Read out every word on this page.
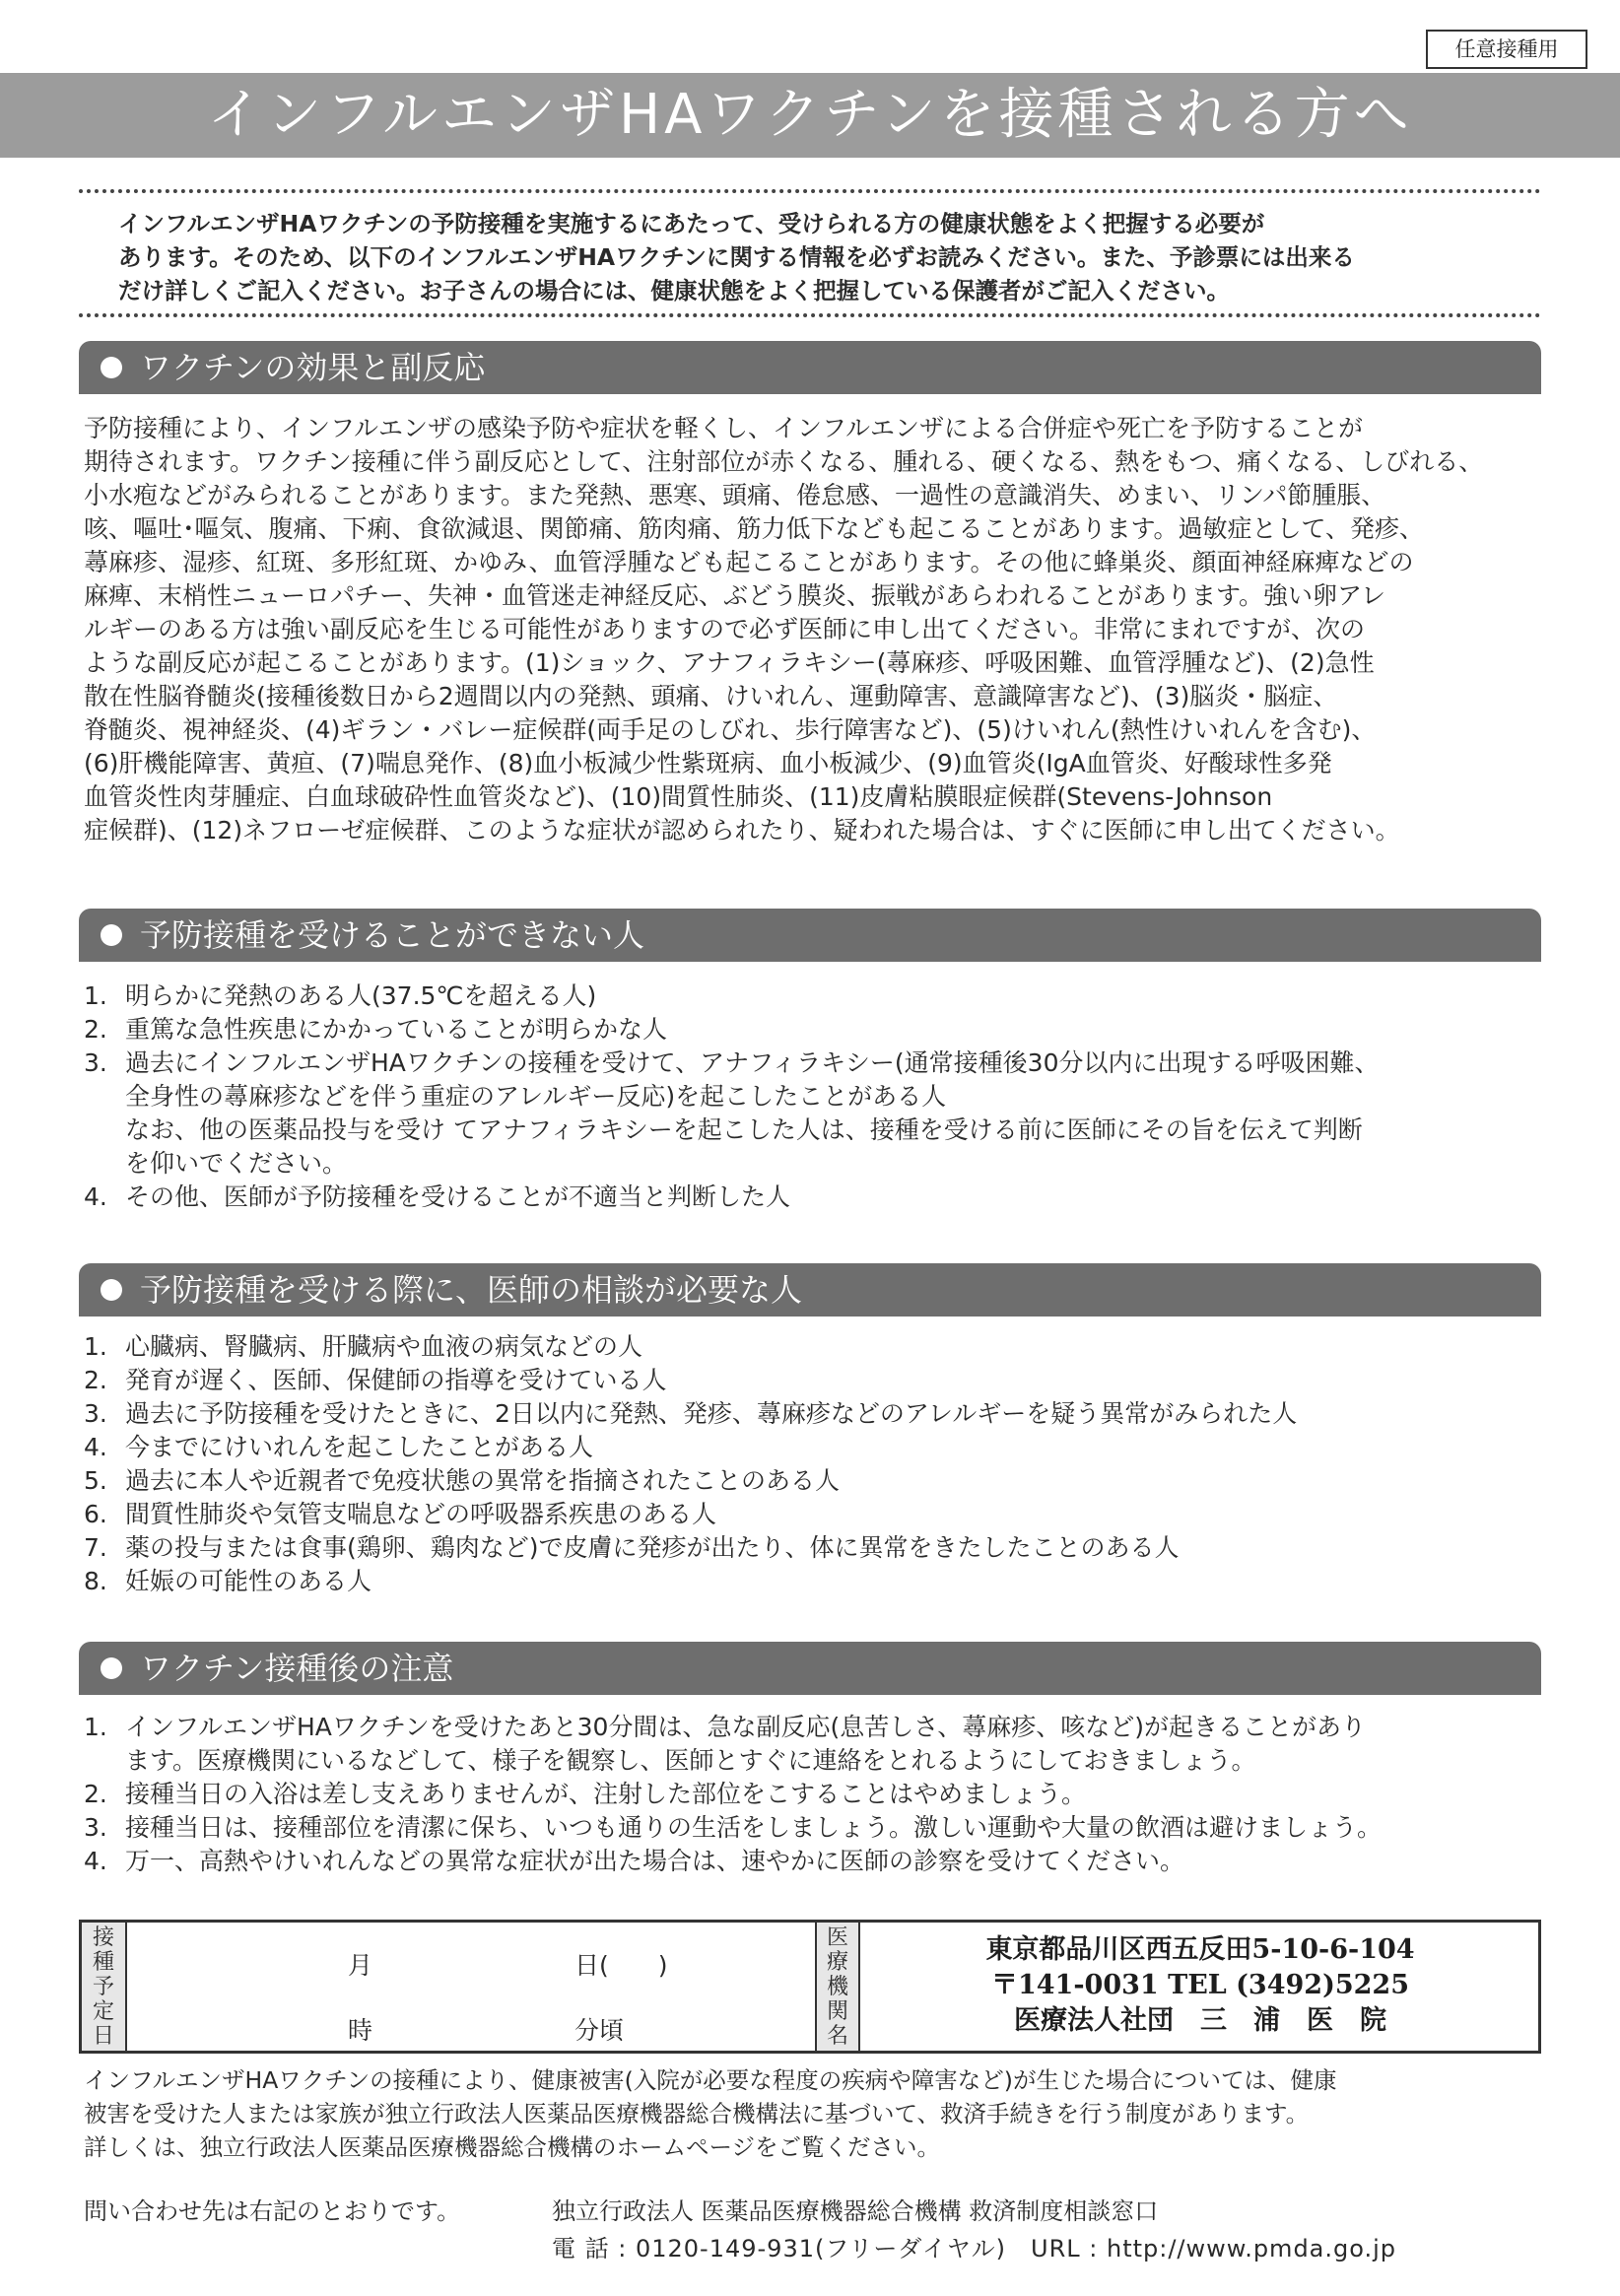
任意接種用
インフルエンザHAワクチンを接種される方へ
インフルエンザHAワクチンの予防接種を実施するにあたって、受けられる方の健康状態をよく把握する必要が
あります。そのため、以下のインフルエンザHAワクチンに関する情報を必ずお読みください。また、予診票には出来る
だけ詳しくご記入ください。お子さんの場合には、健康状態をよく把握している保護者がご記入ください。
ワクチンの効果と副反応
予防接種により、インフルエンザの感染予防や症状を軽くし、インフルエンザによる合併症や死亡を予防することが
期待されます。ワクチン接種に伴う副反応として、注射部位が赤くなる、腫れる、硬くなる、熱をもつ、痛くなる、しびれる、
小水疱などがみられることがあります。また発熱、悪寒、頭痛、倦怠感、一過性の意識消失、めまい、リンパ節腫脹、
咳、嘔吐･嘔気、腹痛、下痢、食欲減退、関節痛、筋肉痛、筋力低下なども起こることがあります。過敏症として、発疹、
蕁麻疹、湿疹、紅斑、多形紅斑、かゆみ、血管浮腫なども起こることがあります。その他に蜂巣炎、顔面神経麻痺などの
麻痺、末梢性ニューロパチー、失神・血管迷走神経反応、ぶどう膜炎、振戦があらわれることがあります。強い卵アレ
ルギーのある方は強い副反応を生じる可能性がありますので必ず医師に申し出てください。非常にまれですが、次の
ような副反応が起こることがあります。(1)ショック、アナフィラキシー(蕁麻疹、呼吸困難、血管浮腫など)、(2)急性
散在性脳脊髄炎(接種後数日から2週間以内の発熱、頭痛、けいれん、運動障害、意識障害など)、(3)脳炎・脳症、
脊髄炎、視神経炎、(4)ギラン・バレー症候群(両手足のしびれ、歩行障害など)、(5)けいれん(熱性けいれんを含む)、
(6)肝機能障害、黄疸、(7)喘息発作、(8)血小板減少性紫斑病、血小板減少、(9)血管炎(IgA血管炎、好酸球性多発
血管炎性肉芽腫症、白血球破砕性血管炎など)、(10)間質性肺炎、(11)皮膚粘膜眼症候群(Stevens-Johnson
症候群)、(12)ネフローゼ症候群、このような症状が認められたり、疑われた場合は、すぐに医師に申し出てください。
予防接種を受けることができない人
1. 明らかに発熱のある人(37.5℃を超える人)
2. 重篤な急性疾患にかかっていることが明らかな人
3. 過去にインフルエンザHAワクチンの接種を受けて、アナフィラキシー(通常接種後30分以内に出現する呼吸困難、
全身性の蕁麻疹などを伴う重症のアレルギー反応)を起こしたことがある人
なお、他の医薬品投与を受け てアナフィラキシーを起こした人は、接種を受ける前に医師にその旨を伝えて判断
を仰いでください。
4. その他、医師が予防接種を受けることが不適当と判断した人
予防接種を受ける際に、医師の相談が必要な人
1. 心臓病、腎臓病、肝臓病や血液の病気などの人
2. 発育が遅く、医師、保健師の指導を受けている人
3. 過去に予防接種を受けたときに、2日以内に発熱、発疹、蕁麻疹などのアレルギーを疑う異常がみられた人
4. 今までにけいれんを起こしたことがある人
5. 過去に本人や近親者で免疫状態の異常を指摘されたことのある人
6. 間質性肺炎や気管支喘息などの呼吸器系疾患のある人
7. 薬の投与または食事(鶏卵、鶏肉など)で皮膚に発疹が出たり、体に異常をきたしたことのある人
8. 妊娠の可能性のある人
ワクチン接種後の注意
1. インフルエンザHAワクチンを受けたあと30分間は、急な副反応(息苦しさ、蕁麻疹、咳など)が起きることがあり
ます。医療機関にいるなどして、様子を観察し、医師とすぐに連絡をとれるようにしておきましょう。
2. 接種当日の入浴は差し支えありませんが、注射した部位をこすることはやめましょう。
3. 接種当日は、接種部位を清潔に保ち、いつも通りの生活をしましょう。激しい運動や大量の飲酒は避けましょう。
4. 万一、高熱やけいれんなどの異常な症状が出た場合は、速やかに医師の診察を受けてください。
接
種
予
定
日
月	日(　　)
時	分頃
医
療
機
関
名
東京都品川区西五反田5-10-6-104
〒141-0031 TEL (3492)5225
医療法人社団　三　浦　医　院
インフルエンザHAワクチンの接種により、健康被害(入院が必要な程度の疾病や障害など)が生じた場合については、健康
被害を受けた人または家族が独立行政法人医薬品医療機器総合機構法に基づいて、救済手続きを行う制度があります。
詳しくは、独立行政法人医薬品医療機器総合機構のホームページをご覧ください。
問い合わせ先は右記のとおりです。	独立行政法人 医薬品医療機器総合機構 救済制度相談窓口
電 話 : 0120-149-931(フリーダイヤル)　URL : http://www.pmda.go.jp
